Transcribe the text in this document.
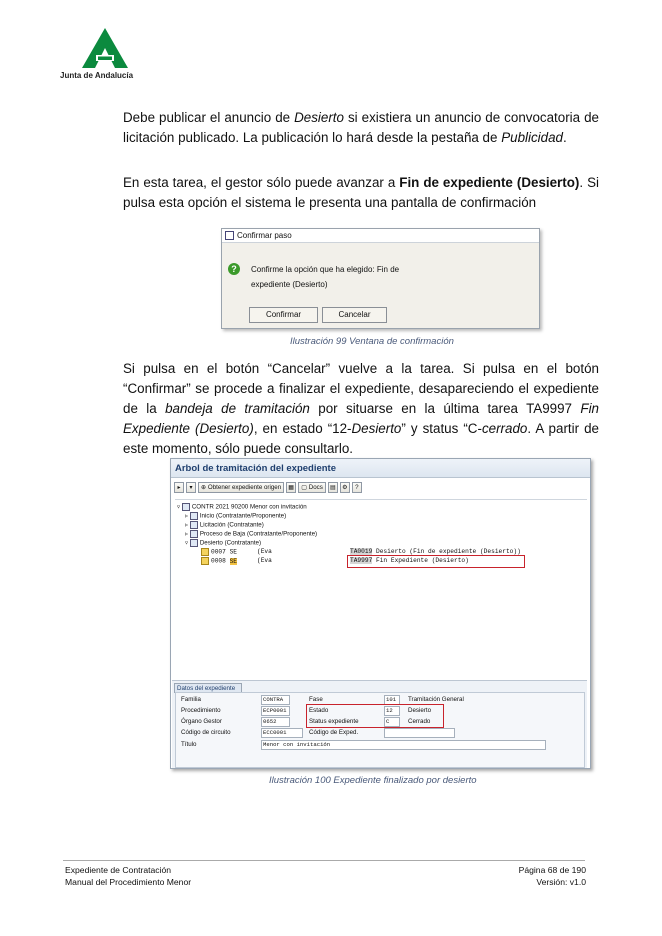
Junta de Andalucía
Debe publicar el anuncio de Desierto si existiera un anuncio de convocatoria de licitación publicado. La publicación lo hará desde la pestaña de Publicidad.
En esta tarea, el gestor sólo puede avanzar a Fin de expediente (Desierto). Si pulsa esta opción el sistema le presenta una pantalla de confirmación
Confirmar paso
?	Confirme la opción que ha elegido: Fin de
expediente (Desierto)
Confirmar	Cancelar
Ilustración 99 Ventana de confirmación
Si pulsa en el botón “Cancelar” vuelve a la tarea. Si pulsa en el botón “Confirmar” se procede a finalizar el expediente, desapareciendo el expediente de la bandeja de tramitación por situarse en la última tarea TA9997 Fin Expediente (Desierto), en estado “12-Desierto” y status “C-cerrado. A partir de este momento, sólo puede consultarlo.
Arbol de tramitación del expediente
▸	▾	⊕ Obtener expediente origen	▦	▢ Docs	▤	⚙	?
▿ CONTR 2021 90200 Menor con invitación
▹ Inicio (Contratante/Proponente)
▹ Licitación (Contratante)
▹ Proceso de Baja (Contratante/Proponente)
▿ Desierto (Contratante)
0007 SE	(Eva	TA0019 Desierto (Fin de expediente (Desierto))
0008 SE	(Eva	TA9997 Fin Expediente (Desierto)
Datos del expediente
Familia	CONTRA
Procedimiento	ECP0001
Órgano Gestor	0652
Código de circuito	ECC0001
Título	Menor con invitación
Fase	101	Tramitación General
Estado	12	Desierto
Status expediente	C	Cerrado
Código de Exped.
Ilustración 100 Expediente finalizado por desierto
Expediente de Contratación
Manual del Procedimiento Menor
Página 68 de 190
Versión: v1.0
